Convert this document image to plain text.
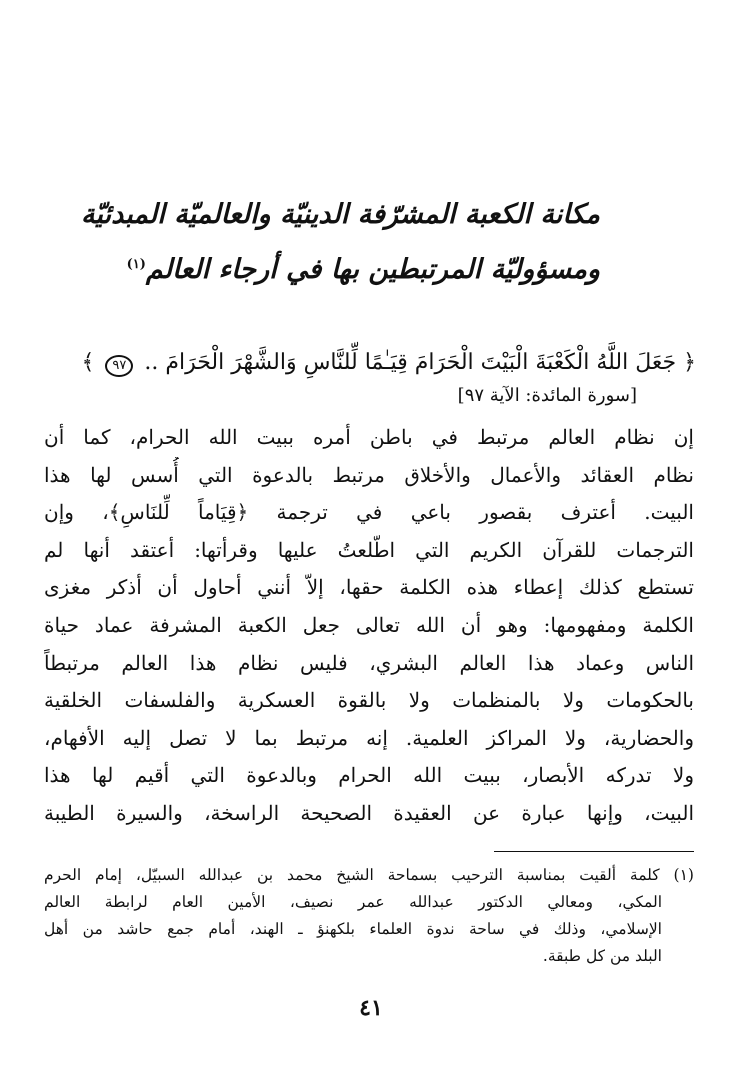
مكانة الكعبة المشرّفة الدينيّة والعالميّة المبدئيّة
ومسؤوليّة المرتبطين بها في أرجاء العالم$^{(١)}$
﴿ جَعَلَ اللَّهُ الْكَعْبَةَ الْبَيْتَ الْحَرَامَ قِيَـٰمًا لِّلنَّاسِ وَالشَّهْرَ الْحَرَامَ .. ٩٧ ﴾
[سورة المائدة: الآية ٩٧]
إن نظام العالم مرتبط في باطن أمره ببيت الله الحرام، كما أن
نظام العقائد والأعمال والأخلاق مرتبط بالدعوة التي أُسس لها هذا
البيت. أعترف بقصور باعي في ترجمة ﴿قِيَاماً لِّلنَاسِ﴾، وإن
الترجمات للقرآن الكريم التي اطّلعتُ عليها وقرأتها: أعتقد أنها لم
تستطع كذلك إعطاء هذه الكلمة حقها، إلاّ أنني أحاول أن أذكر مغزى
الكلمة ومفهومها: وهو أن الله تعالى جعل الكعبة المشرفة عماد حياة
الناس وعماد هذا العالم البشري، فليس نظام هذا العالم مرتبطاً
بالحكومات ولا بالمنظمات ولا بالقوة العسكرية والفلسفات الخلقية
والحضارية، ولا المراكز العلمية. إنه مرتبط بما لا تصل إليه الأفهام،
ولا تدركه الأبصار، ببيت الله الحرام وبالدعوة التي أقيم لها هذا
البيت، وإنها عبارة عن العقيدة الصحيحة الراسخة، والسيرة الطيبة
(١) كلمة ألقيت بمناسبة الترحيب بسماحة الشيخ محمد بن عبدالله السبيّل، إمام الحرم
المكي، ومعالي الدكتور عبدالله عمر نصيف، الأمين العام لرابطة العالم
الإسلامي، وذلك في ساحة ندوة العلماء بلكهنؤ ـ الهند، أمام جمع حاشد من أهل
البلد من كل طبقة.
٤١
